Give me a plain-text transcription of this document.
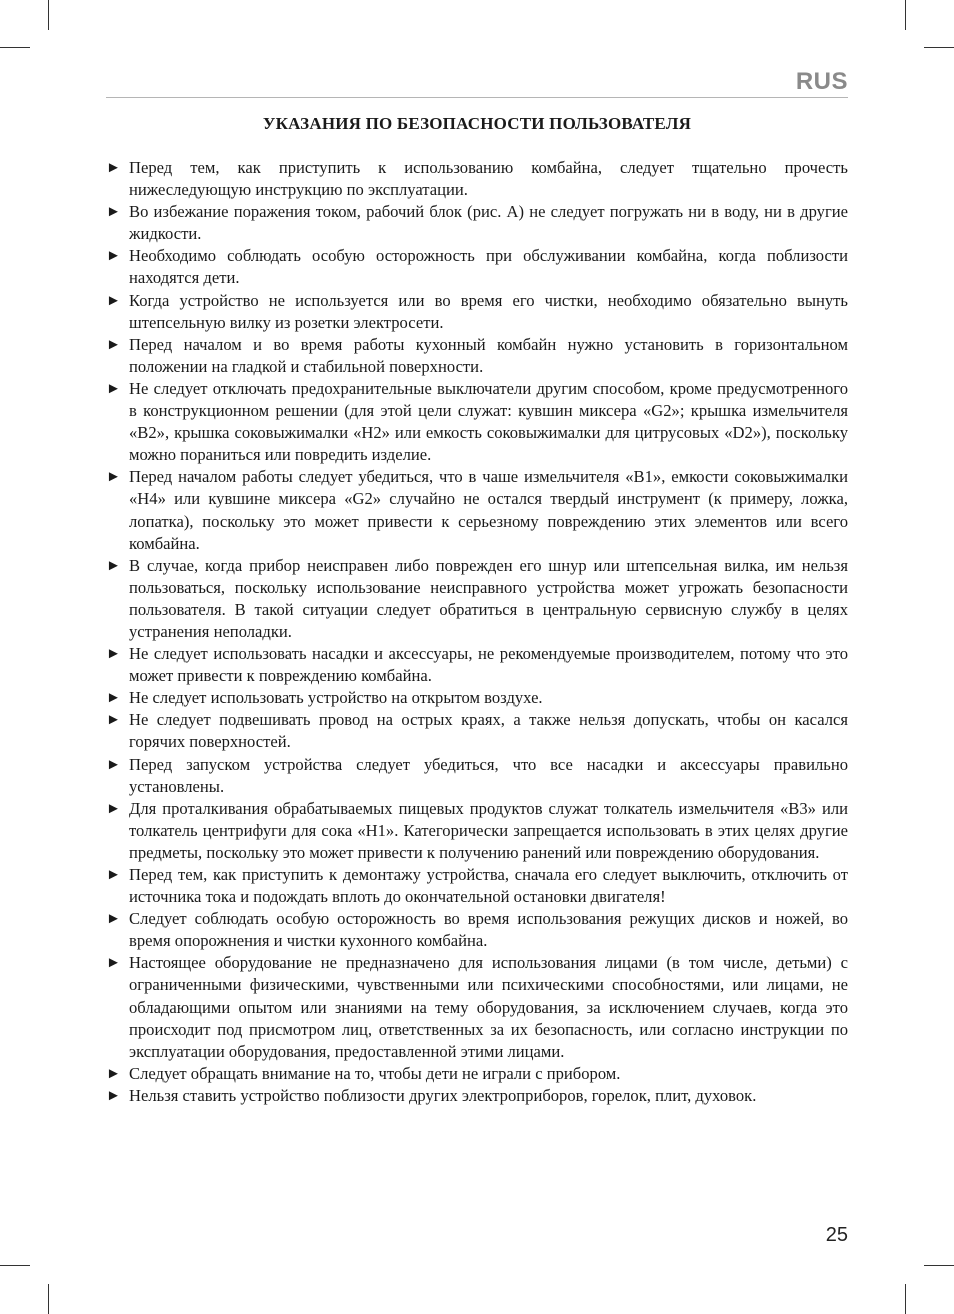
RUS
УКАЗАНИЯ ПО БЕЗОПАСНОСТИ ПОЛЬЗОВАТЕЛЯ
► Перед тем, как приступить к использованию комбайна, следует тщательно прочесть нижеследующую инструкцию по эксплуатации.
► Во избежание поражения током, рабочий блок (рис. А) не следует погружать ни в воду, ни в другие жидкости.
► Необходимо соблюдать особую осторожность при обслуживании комбайна, когда поблизости находятся дети.
► Когда устройство не используется или во время его чистки, необходимо обязательно вынуть штепсельную вилку из розетки электросети.
► Перед началом и во время работы кухонный комбайн нужно установить в горизонтальном положении на гладкой и стабильной поверхности.
► Не следует отключать предохранительные выключатели другим способом, кроме предусмотренного в конструкционном решении (для этой цели служат: кувшин миксера «G2»; крышка измельчителя «B2», крышка соковыжималки «H2» или емкость соковыжималки для цитрусовых «D2»), поскольку можно пораниться или повредить изделие.
► Перед началом работы следует убедиться, что в чаше измельчителя «B1», емкости соковыжималки «H4» или кувшине миксера «G2» случайно не остался твердый инструмент (к примеру, ложка, лопатка), поскольку это может привести к серьезному повреждению этих элементов или всего комбайна.
► В случае, когда прибор неисправен либо поврежден его шнур или штепсельная вилка, им нельзя пользоваться, поскольку использование неисправного устройства может угрожать безопасности пользователя. В такой ситуации следует обратиться в центральную сервисную службу в целях устранения неполадки.
► Не следует использовать насадки и аксессуары, не рекомендуемые производителем, потому что это может привести к повреждению комбайна.
► Не следует использовать устройство на открытом воздухе.
► Не следует подвешивать провод на острых краях, а также нельзя допускать, чтобы он касался горячих поверхностей.
► Перед запуском устройства следует убедиться, что все насадки и аксессуары правильно установлены.
► Для проталкивания обрабатываемых пищевых продуктов служат толкатель измельчителя «B3» или толкатель центрифуги для сока «H1». Категорически запрещается использовать в этих целях другие предметы, поскольку это может привести к получению ранений или повреждению оборудования.
► Перед тем, как приступить к демонтажу устройства, сначала его следует выключить, отключить от источника тока и подождать вплоть до окончательной остановки двигателя!
► Следует соблюдать особую осторожность во время использования режущих дисков и ножей, во время опорожнения и чистки кухонного комбайна.
► Настоящее оборудование не предназначено для использования лицами (в том числе, детьми) с ограниченными физическими, чувственными или психическими способностями, или лицами, не обладающими опытом или знаниями на тему оборудования, за исключением случаев, когда это происходит под присмотром лиц, ответственных за их безопасность, или согласно инструкции по эксплуатации оборудования, предоставленной этими лицами.
► Следует обращать внимание на то, чтобы дети не играли с прибором.
► Нельзя ставить устройство поблизости других электроприборов, горелок, плит, духовок.
25
